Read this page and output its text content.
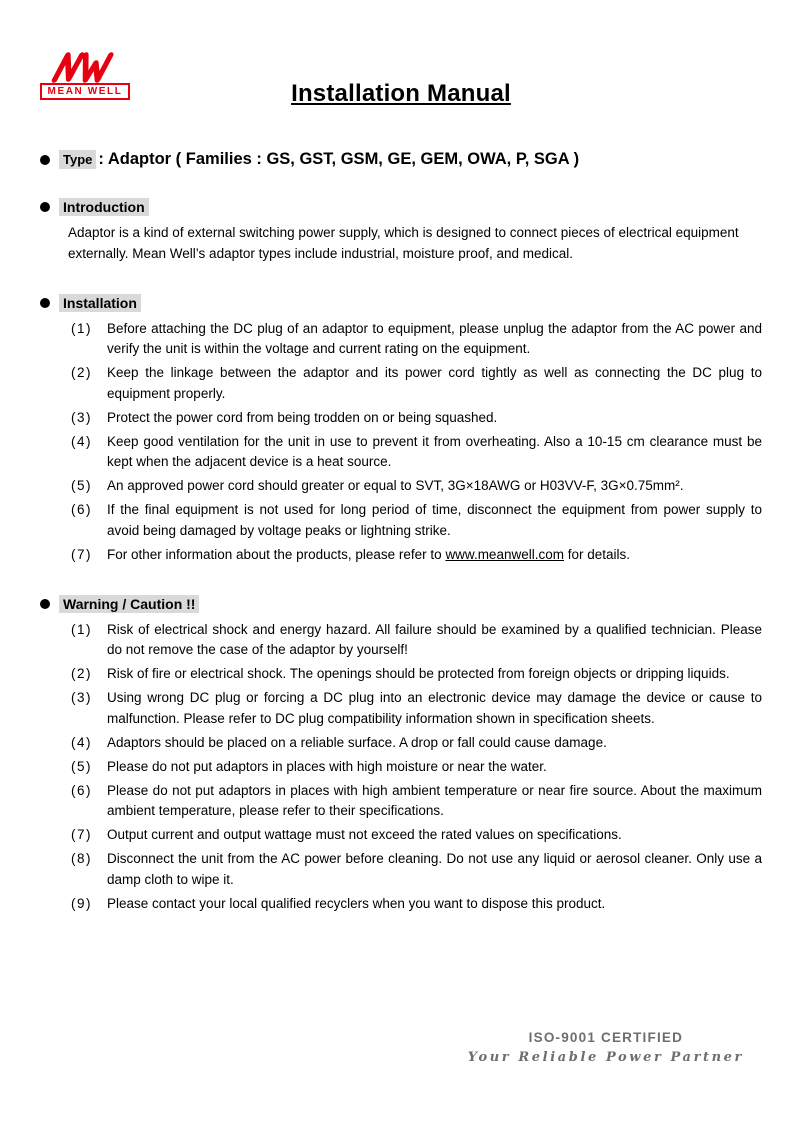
MEAN WELL	Installation Manual
Type : Adaptor ( Families : GS, GST, GSM, GE, GEM, OWA, P, SGA )
Introduction
Adaptor is a kind of external switching power supply, which is designed to connect pieces of electrical equipment externally. Mean Well’s adaptor types include industrial, moisture proof, and medical.
Installation
(1)	Before attaching the DC plug of an adaptor to equipment, please unplug the adaptor from the AC power and verify the unit is within the voltage and current rating on the equipment.
(2)	Keep the linkage between the adaptor and its power cord tightly as well as connecting the DC plug to equipment properly.
(3)	Protect the power cord from being trodden on or being squashed.
(4)	Keep good ventilation for the unit in use to prevent it from overheating. Also a 10-15 cm clearance must be kept when the adjacent device is a heat source.
(5)	An approved power cord should greater or equal to SVT, 3G×18AWG or H03VV-F, 3G×0.75mm².
(6)	If the final equipment is not used for long period of time, disconnect the equipment from power supply to avoid being damaged by voltage peaks or lightning strike.
(7)	For other information about the products, please refer to www.meanwell.com for details.
Warning / Caution !!
(1)	Risk of electrical shock and energy hazard. All failure should be examined by a qualified technician. Please do not remove the case of the adaptor by yourself!
(2)	Risk of fire or electrical shock. The openings should be protected from foreign objects or dripping liquids.
(3)	Using wrong DC plug or forcing a DC plug into an electronic device may damage the device or cause to malfunction. Please refer to DC plug compatibility information shown in specification sheets.
(4)	Adaptors should be placed on a reliable surface. A drop or fall could cause damage.
(5)	Please do not put adaptors in places with high moisture or near the water.
(6)	Please do not put adaptors in places with high ambient temperature or near fire source. About the maximum ambient temperature, please refer to their specifications.
(7)	Output current and output wattage must not exceed the rated values on specifications.
(8)	Disconnect the unit from the AC power before cleaning. Do not use any liquid or aerosol cleaner. Only use a damp cloth to wipe it.
(9)	Please contact your local qualified recyclers when you want to dispose this product.
ISO-9001 CERTIFIED
Your Reliable Power Partner
